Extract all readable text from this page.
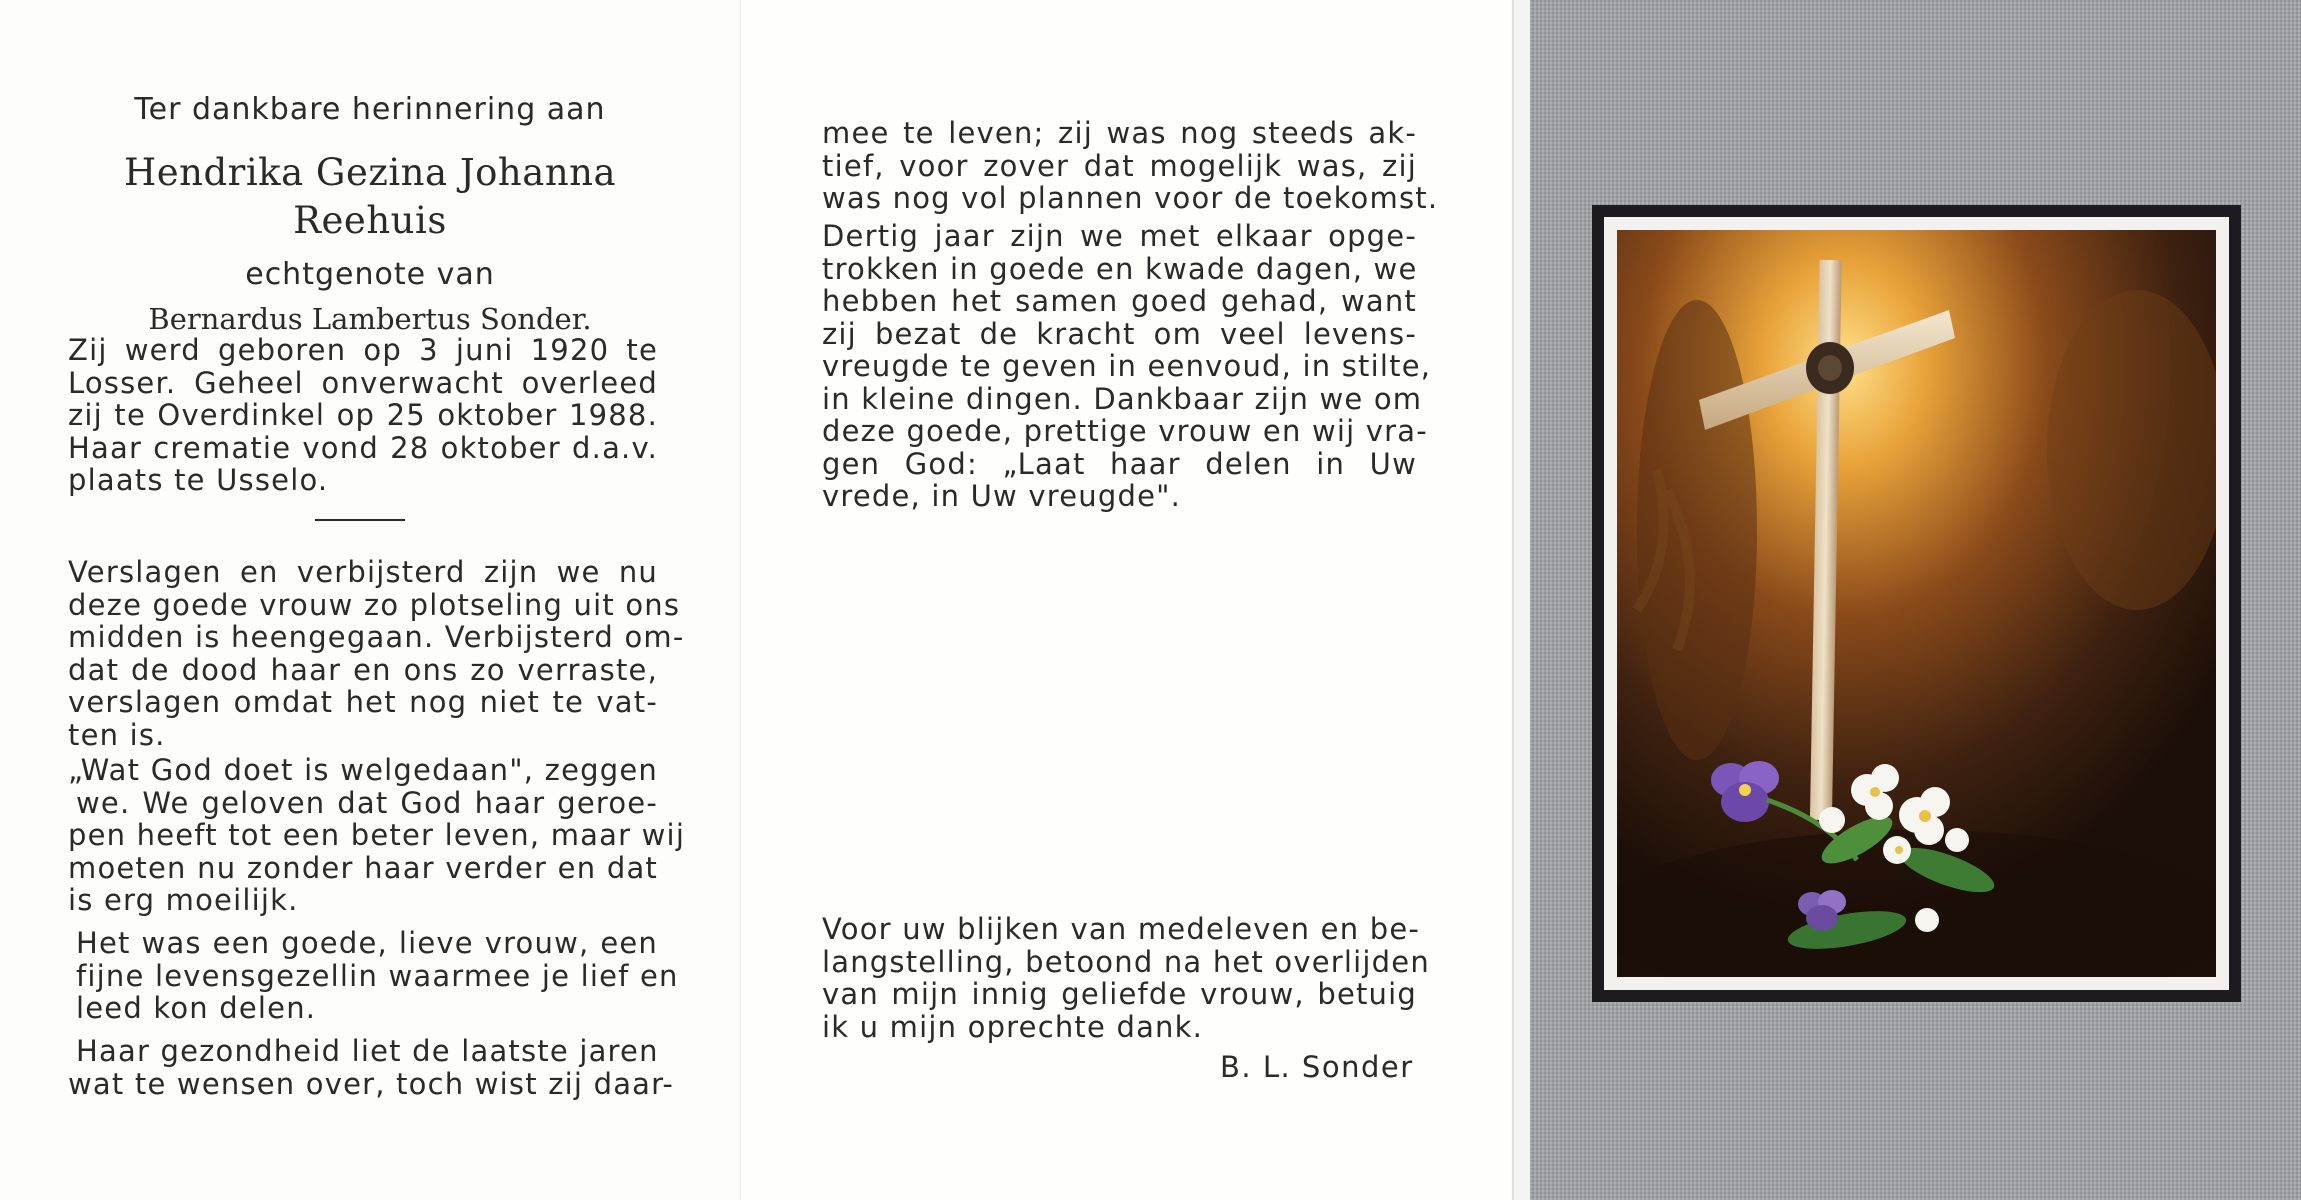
Ter dankbare herinnering aan

Hendrika Gezina Johanna

Reehuis

echtgenote van

Bernardus Lambertus Sonder.

Zij werd geboren op 3 juni 1920 te

Losser. Geheel onverwacht overleed

zij te Overdinkel op 25 oktober 1988.

Haar crematie vond 28 oktober d.a.v.

plaats te Usselo.

Verslagen en verbijsterd zijn we nu

deze goede vrouw zo plotseling uit ons

midden is heengegaan. Verbijsterd om-

dat de dood haar en ons zo verraste,

verslagen omdat het nog niet te vat-

ten is.

„Wat God doet is welgedaan", zeggen

we. We geloven dat God haar geroe-

pen heeft tot een beter leven, maar wij

moeten nu zonder haar verder en dat

is erg moeilijk.

Het was een goede, lieve vrouw, een

fijne levensgezellin waarmee je lief en

leed kon delen.

Haar gezondheid liet de laatste jaren

wat te wensen over, toch wist zij daar-

mee te leven; zij was nog steeds ak-

tief, voor zover dat mogelijk was, zij

was nog vol plannen voor de toekomst.

Dertig jaar zijn we met elkaar opge-

trokken in goede en kwade dagen, we

hebben het samen goed gehad, want

zij bezat de kracht om veel levens-

vreugde te geven in eenvoud, in stilte,

in kleine dingen. Dankbaar zijn we om

deze goede, prettige vrouw en wij vra-

gen God: „Laat haar delen in Uw

vrede, in Uw vreugde".

Voor uw blijken van medeleven en be-

langstelling, betoond na het overlijden

van mijn innig geliefde vrouw, betuig

ik u mijn oprechte dank.

B. L. Sonder
